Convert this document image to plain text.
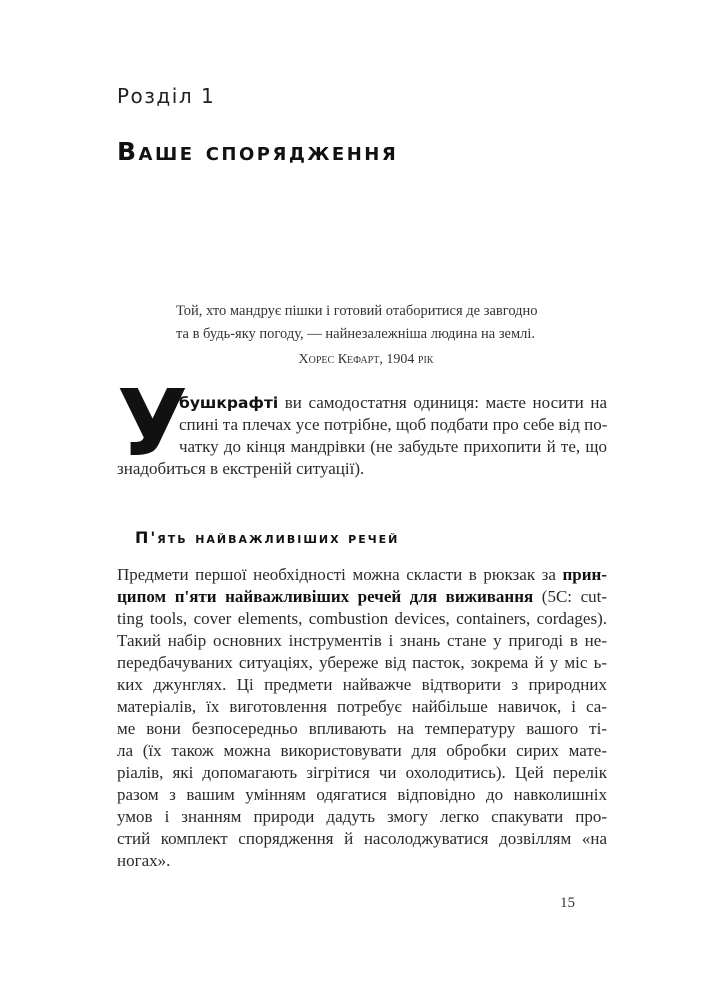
Розділ 1
Ваше спорядження
Той, хто мандрує пішки і готовий отаборитися де завгодно
та в будь-яку погоду, — найнезалежніша людина на землі.
Хорес Кефарт, 1904 рік
У
бушкрафті ви самодостатня одиниця: маєте носити на
спині та плечах усе потрібне, щоб подбати про себе від по-
чатку до кінця мандрівки (не забудьте прихопити й те, що
знадобиться в екстреній ситуації).
П'ять найважливіших речей
Предмети першої необхідності можна скласти в рюкзак за прин-
ципом п'яти найважливіших речей для виживання (5C: cut-
ting tools, cover elements, combustion devices, containers, cordages).
Такий набір основних інструментів і знань стане у пригоді в не-
передбачуваних ситуаціях, убереже від пасток, зокрема й у міс ь-
ких джунглях. Ці предмети найважче відтворити з природних
матеріалів, їх виготовлення потребує найбільше навичок, і са-
ме вони безпосередньо впливають на температуру вашого ті-
ла (їх також можна використовувати для обробки сирих мате-
ріалів, які допомагають зігрітися чи охолодитись). Цей перелік
разом з вашим умінням одягатися відповідно до навколишніх
умов і знанням природи дадуть змогу легко спакувати про-
стий комплект спорядження й насолоджуватися дозвіллям «на
ногах».
15
